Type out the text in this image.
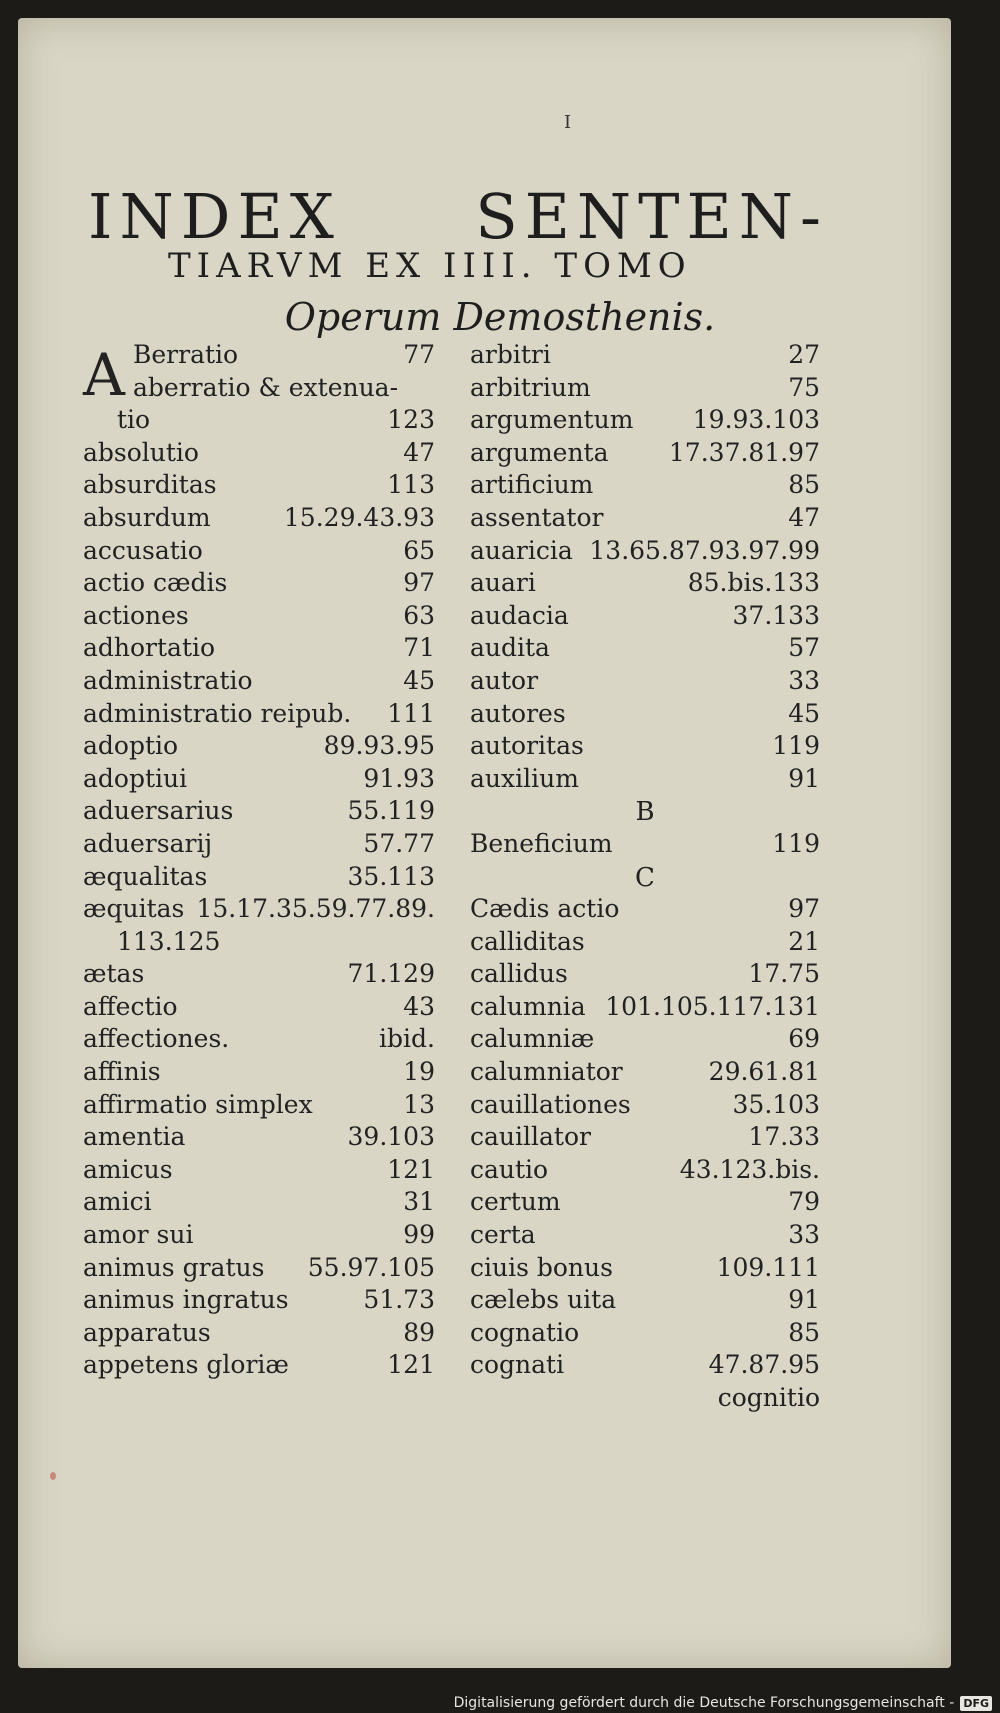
I
INDEX SENTEN-
TIARVM EX IIII. TOMO
Operum Demosthenis.
A Berratio	77
aberratio & extenua-
tio	123
absolutio	47
absurditas	113
absurdum	15.29.43.93
accusatio	65
actio cædis	97
actiones	63
adhortatio	71
administratio	45
administratio reipub. 111
adoptio	89.93.95
adoptiui	91.93
aduersarius	55.119
aduersarij	57.77
æqualitas	35.113
æquitas 15.17.35.59.77.89.
113.125
ætas	71.129
affectio	43
affectiones.	ibid.
affinis	19
affirmatio simplex	13
amentia	39.103
amicus	121
amici	31
amor sui	99
animus gratus 55.97.105
animus ingratus	51.73
apparatus	89
appetens gloriæ	121
arbitri	27
arbitrium	75
argumentum 19.93.103
argumenta 17.37.81.97
artificium	85
assentator	47
auaricia 13.65.87.93.97.99
auari	85.bis.133
audacia	37.133
audita	57
autor	33
autores	45
autoritas	119
auxilium	91
B
Beneficium	119
C
Cædis actio	97
calliditas	21
callidus	17.75
calumnia 101.105.117.131
calumniæ	69
calumniator	29.61.81
cauillationes	35.103
cauillator	17.33
cautio	43.123.bis.
certum	79
certa	33
ciuis bonus	109.111
cælebs uita	91
cognatio	85
cognati	47.87.95
cognitio
Digitalisierung gefördert durch die Deutsche Forschungsgemeinschaft - DFG
